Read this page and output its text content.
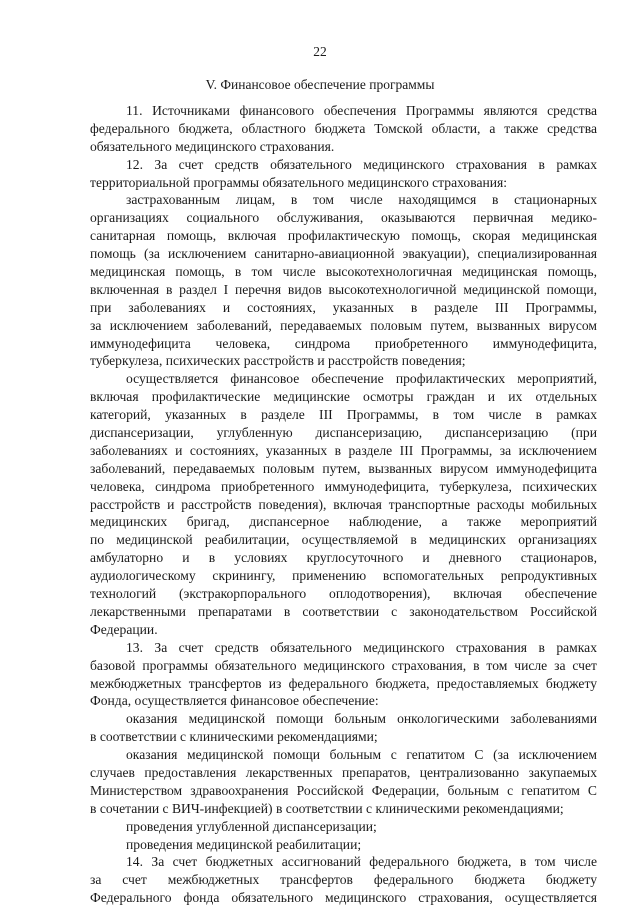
22
V. Финансовое обеспечение программы
11. Источниками финансового обеспечения Программы являются средства
федерального бюджета, областного бюджета Томской области, а также средства
обязательного медицинского страхования.
12. За счет средств обязательного медицинского страхования в рамках
территориальной программы обязательного медицинского страхования:
застрахованным лицам, в том числе находящимся в стационарных
организациях социального обслуживания, оказываются первичная медико-
санитарная помощь, включая профилактическую помощь, скорая медицинская
помощь (за исключением санитарно-авиационной эвакуации), специализированная
медицинская помощь, в том числе высокотехнологичная медицинская помощь,
включенная в раздел I перечня видов высокотехнологичной медицинской помощи,
при заболеваниях и состояниях, указанных в разделе III Программы,
за исключением заболеваний, передаваемых половым путем, вызванных вирусом
иммунодефицита человека, синдрома приобретенного иммунодефицита,
туберкулеза, психических расстройств и расстройств поведения;
осуществляется финансовое обеспечение профилактических мероприятий,
включая профилактические медицинские осмотры граждан и их отдельных
категорий, указанных в разделе III Программы, в том числе в рамках
диспансеризации, углубленную диспансеризацию, диспансеризацию (при
заболеваниях и состояниях, указанных в разделе III Программы, за исключением
заболеваний, передаваемых половым путем, вызванных вирусом иммунодефицита
человека, синдрома приобретенного иммунодефицита, туберкулеза, психических
расстройств и расстройств поведения), включая транспортные расходы мобильных
медицинских бригад, диспансерное наблюдение, а также мероприятий
по медицинской реабилитации, осуществляемой в медицинских организациях
амбулаторно и в условиях круглосуточного и дневного стационаров,
аудиологическому скринингу, применению вспомогательных репродуктивных
технологий (экстракорпорального оплодотворения), включая обеспечение
лекарственными препаратами в соответствии с законодательством Российской
Федерации.
13. За счет средств обязательного медицинского страхования в рамках
базовой программы обязательного медицинского страхования, в том числе за счет
межбюджетных трансфертов из федерального бюджета, предоставляемых бюджету
Фонда, осуществляется финансовое обеспечение:
оказания медицинской помощи больным онкологическими заболеваниями
в соответствии с клиническими рекомендациями;
оказания медицинской помощи больным с гепатитом С (за исключением
случаев предоставления лекарственных препаратов, централизованно закупаемых
Министерством здравоохранения Российской Федерации, больным с гепатитом С
в сочетании с ВИЧ-инфекцией) в соответствии с клиническими рекомендациями;
проведения углубленной диспансеризации;
проведения медицинской реабилитации;
14. За счет бюджетных ассигнований федерального бюджета, в том числе
за счет межбюджетных трансфертов федерального бюджета бюджету
Федерального фонда обязательного медицинского страхования, осуществляется
